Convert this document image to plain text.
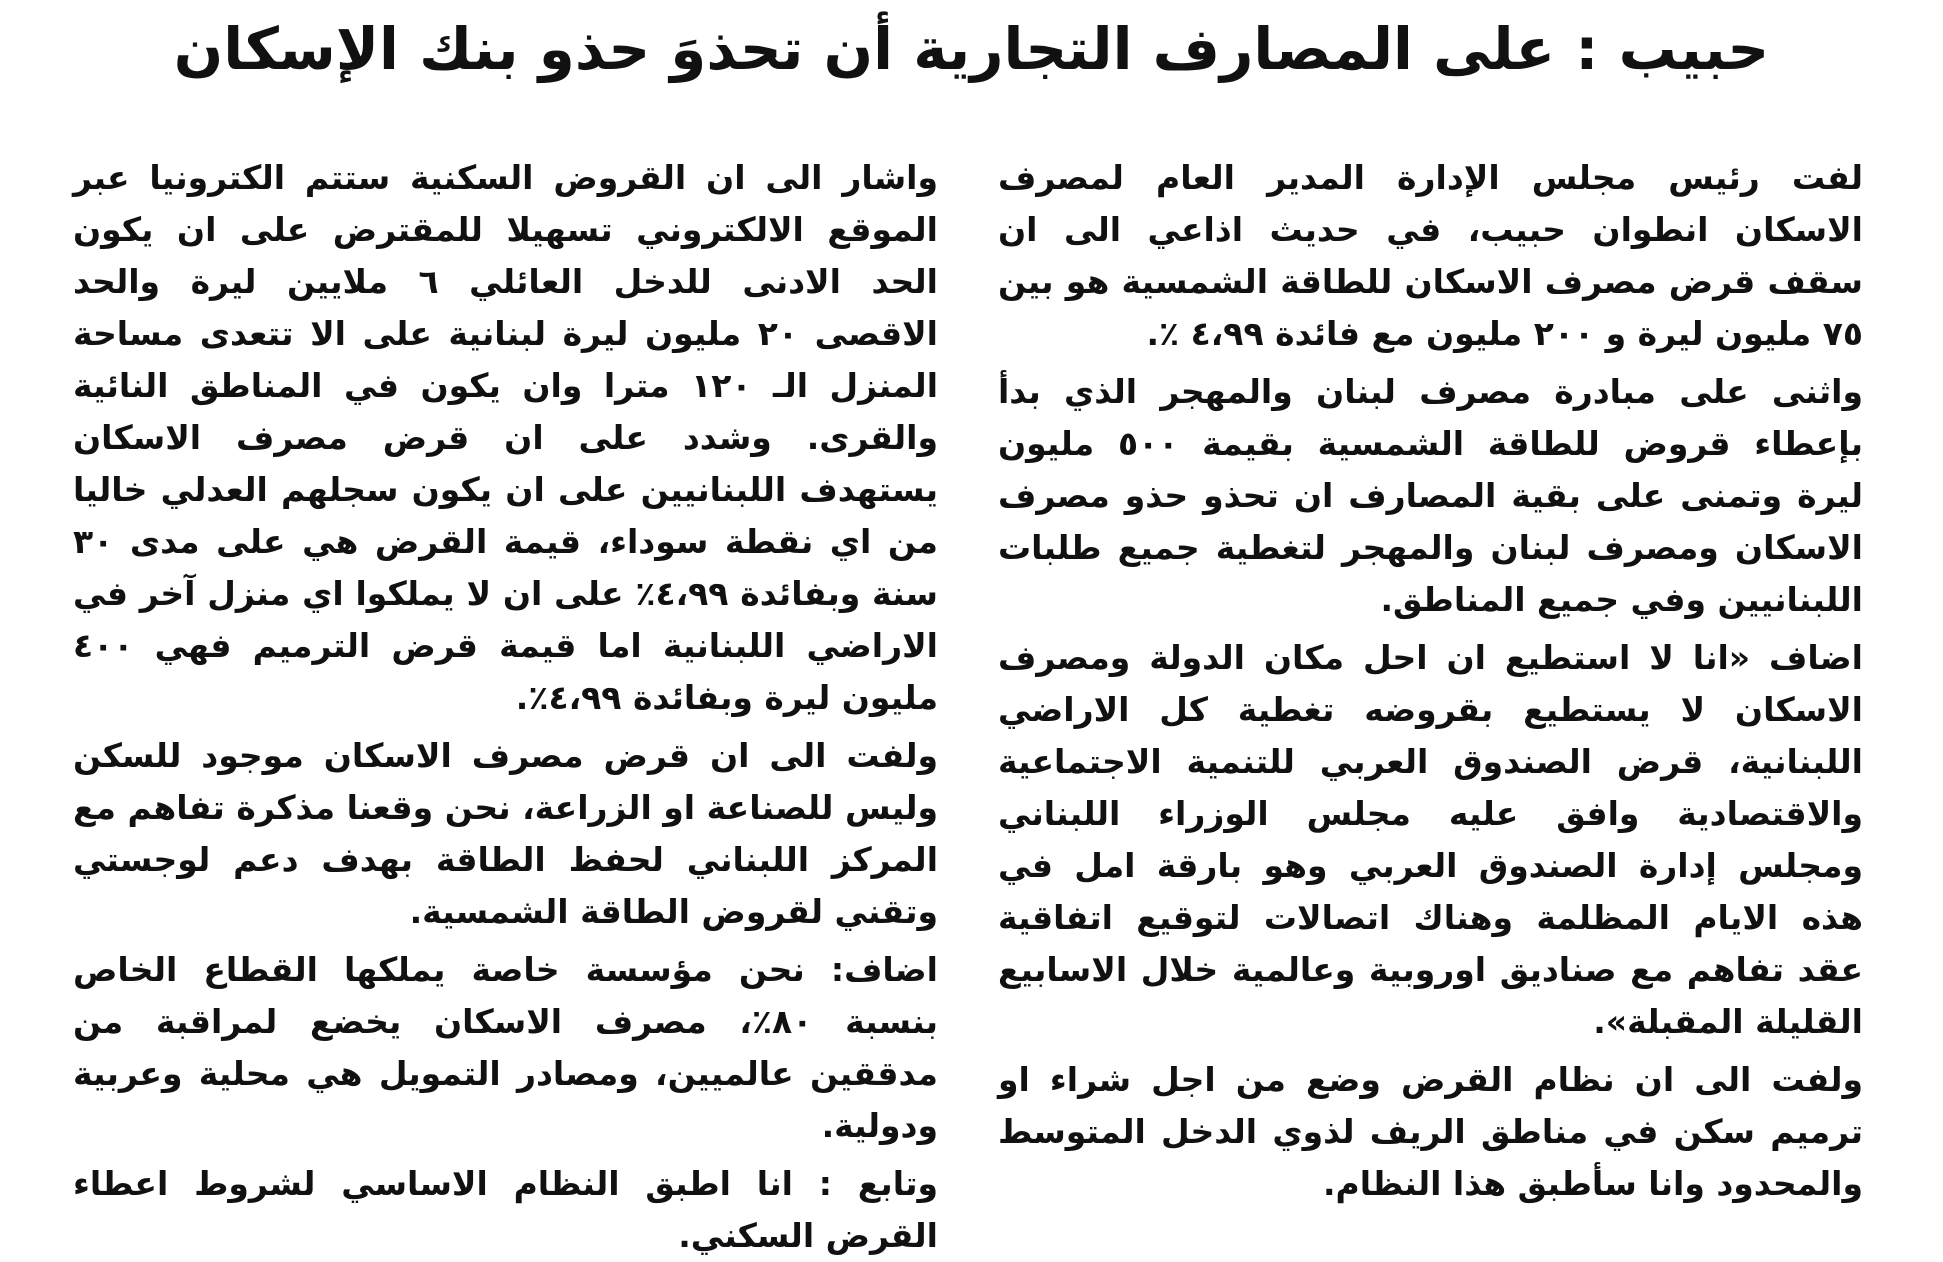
حبيب : على المصارف التجارية أن تحذوَ حذو بنك الإسكان

لفت رئيس مجلس الإدارة المدير العام لمصرف الاسكان انطوان حبيب، في حديث اذاعي الى ان سقف قرض مصرف الاسكان للطاقة الشمسية هو بين ٧٥ مليون ليرة و ٢٠٠ مليون مع فائدة ٤،٩٩ ٪.

واثنى على مبادرة مصرف لبنان والمهجر الذي بدأ بإعطاء قروض للطاقة الشمسية بقيمة ٥٠٠ مليون ليرة وتمنى على بقية المصارف ان تحذو حذو مصرف الاسكان ومصرف لبنان والمهجر لتغطية جميع طلبات اللبنانيين وفي جميع المناطق.

اضاف «انا لا استطيع ان احل مكان الدولة ومصرف الاسكان لا يستطيع بقروضه تغطية كل الاراضي اللبنانية، قرض الصندوق العربي للتنمية الاجتماعية والاقتصادية وافق عليه مجلس الوزراء اللبناني ومجلس إدارة الصندوق العربي وهو بارقة امل في هذه الايام المظلمة وهناك اتصالات لتوقيع اتفاقية عقد تفاهم مع صناديق اوروبية وعالمية خلال الاسابيع القليلة المقبلة».

ولفت الى ان نظام القرض وضع من اجل شراء او ترميم سكن في مناطق الريف لذوي الدخل المتوسط والمحدود وانا سأطبق هذا النظام.

واشار الى ان القروض السكنية ستتم الكترونيا عبر الموقع الالكتروني تسهيلا للمقترض على ان يكون الحد الادنى للدخل العائلي ٦ ملايين ليرة والحد الاقصى ٢٠ مليون ليرة لبنانية على الا تتعدى مساحة المنزل الـ ١٢٠ مترا وان يكون في المناطق النائية والقرى. وشدد على ان قرض مصرف الاسكان يستهدف اللبنانيين على ان يكون سجلهم العدلي خاليا من اي نقطة سوداء، قيمة القرض هي على مدى ٣٠ سنة وبفائدة ٤،٩٩٪ على ان لا يملكوا اي منزل آخر في الاراضي اللبنانية اما قيمة قرض الترميم فهي ٤٠٠ مليون ليرة وبفائدة ٤،٩٩٪.

ولفت الى ان قرض مصرف الاسكان موجود للسكن وليس للصناعة او الزراعة، نحن وقعنا مذكرة تفاهم مع المركز اللبناني لحفظ الطاقة بهدف دعم لوجستي وتقني لقروض الطاقة الشمسية.

اضاف: نحن مؤسسة خاصة يملكها القطاع الخاص بنسبة ٨٠٪، مصرف الاسكان يخضع لمراقبة من مدققين عالميين، ومصادر التمويل هي محلية وعربية ودولية.

وتابع : انا اطبق النظام الاساسي لشروط اعطاء القرض السكني.
